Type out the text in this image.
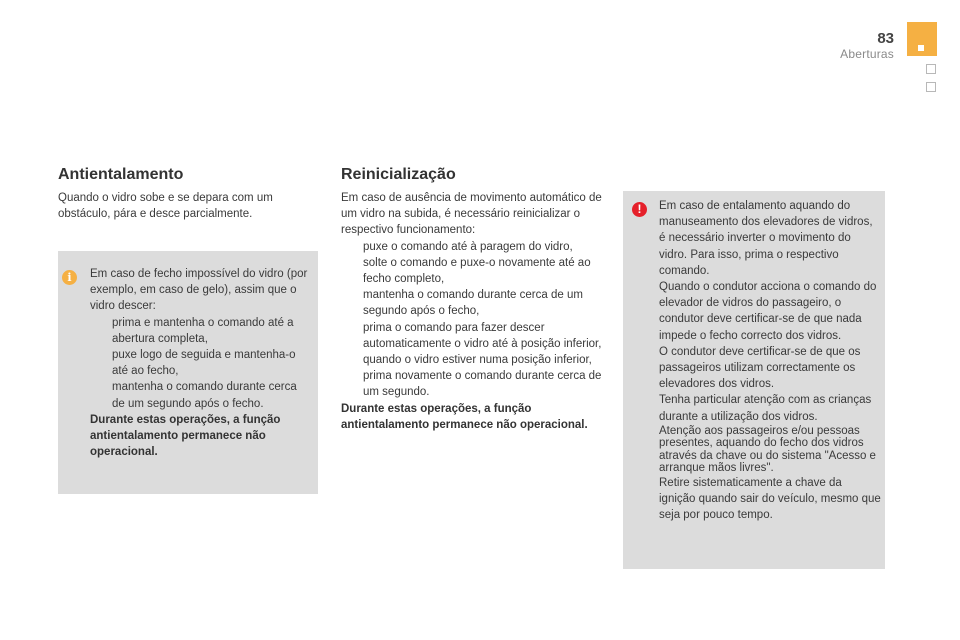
83
Aberturas
Antientalamento

Quando o vidro sobe e se depara com um obstáculo, pára e desce parcialmente.

i	Em caso de fecho impossível do vidro (por exemplo, em caso de gelo), assim que o vidro descer:
prima e mantenha o comando até a abertura completa,
puxe logo de seguida e mantenha-o até ao fecho,
mantenha o comando durante cerca de um segundo após o fecho.
Durante estas operações, a função antientalamento permanece não operacional.
Reinicialização
Em caso de ausência de movimento automático de um vidro na subida, é necessário reinicializar o respectivo funcionamento:
puxe o comando até à paragem do vidro,
solte o comando e puxe-o novamente até ao fecho completo,
mantenha o comando durante cerca de um segundo após o fecho,
prima o comando para fazer descer automaticamente o vidro até à posição inferior,
quando o vidro estiver numa posição inferior, prima novamente o comando durante cerca de um segundo.
Durante estas operações, a função antientalamento permanece não operacional.
!	Em caso de entalamento aquando do manuseamento dos elevadores de vidros, é necessário inverter o movimento do vidro. Para isso, prima o respectivo comando.
Quando o condutor acciona o comando do elevador de vidros do passageiro, o condutor deve certificar-se de que nada impede o fecho correcto dos vidros.
O condutor deve certificar-se de que os passageiros utilizam correctamente os elevadores dos vidros.
Tenha particular atenção com as crianças durante a utilização dos vidros.
Atenção aos passageiros e/ou pessoas presentes, aquando do fecho dos vidros através da chave ou do sistema "Acesso e arranque mãos livres".
Retire sistematicamente a chave da ignição quando sair do veículo, mesmo que seja por pouco tempo.
